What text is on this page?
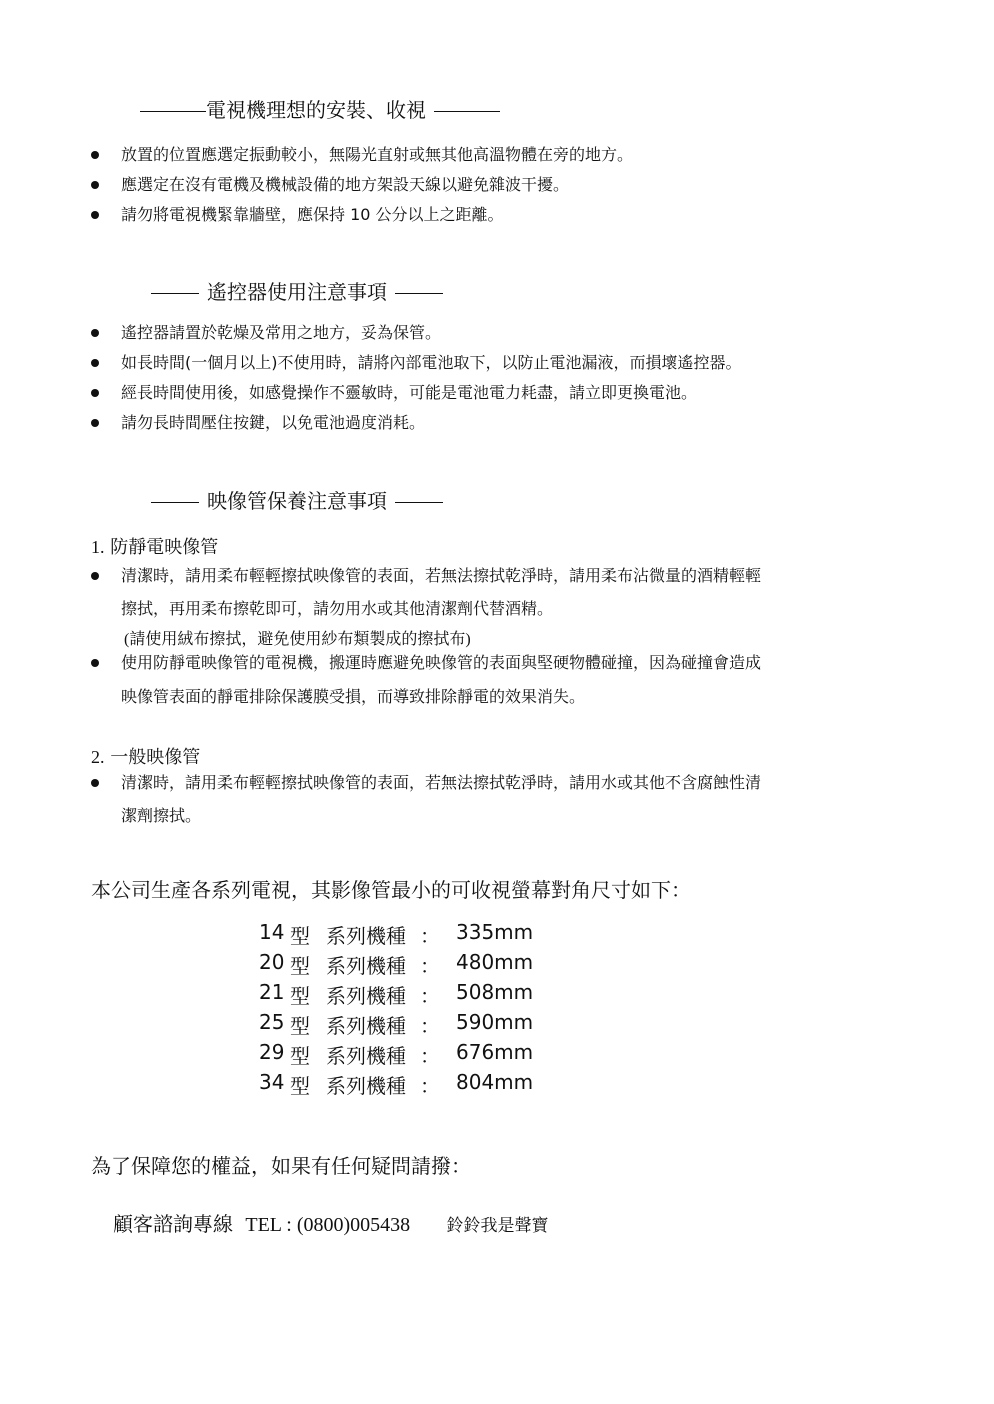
電視機理想的安裝、收視
放置的位置應選定振動較小，無陽光直射或無其他高溫物體在旁的地方。
應選定在沒有電機及機械設備的地方架設天線以避免雜波干擾。
請勿將電視機緊靠牆壁，應保持 10 公分以上之距離。
遙控器使用注意事項
遙控器請置於乾燥及常用之地方，妥為保管。
如長時間(一個月以上)不使用時，請將內部電池取下，以防止電池漏液，而損壞遙控器。
經長時間使用後，如感覺操作不靈敏時，可能是電池電力耗盡，請立即更換電池。
請勿長時間壓住按鍵，以免電池過度消耗。
映像管保養注意事項
1. 防靜電映像管
清潔時，請用柔布輕輕擦拭映像管的表面，若無法擦拭乾淨時，請用柔布沾微量的酒精輕輕
擦拭，再用柔布擦乾即可，請勿用水或其他清潔劑代替酒精。
(請使用絨布擦拭，避免使用紗布類製成的擦拭布)
使用防靜電映像管的電視機，搬運時應避免映像管的表面與堅硬物體碰撞，因為碰撞會造成
映像管表面的靜電排除保護膜受損，而導致排除靜電的效果消失。
2. 一般映像管
清潔時，請用柔布輕輕擦拭映像管的表面，若無法擦拭乾淨時，請用水或其他不含腐蝕性清
潔劑擦拭。
本公司生產各系列電視，其影像管最小的可收視螢幕對角尺寸如下：
14 型 系列機種 ： 335mm
20 型 系列機種 ： 480mm
21 型 系列機種 ： 508mm
25 型 系列機種 ： 590mm
29 型 系列機種 ： 676mm
34 型 系列機種 ： 804mm
為了保障您的權益，如果有任何疑問請撥：
顧客諮詢專線 TEL : (0800)005438 鈴鈴我是聲寶
